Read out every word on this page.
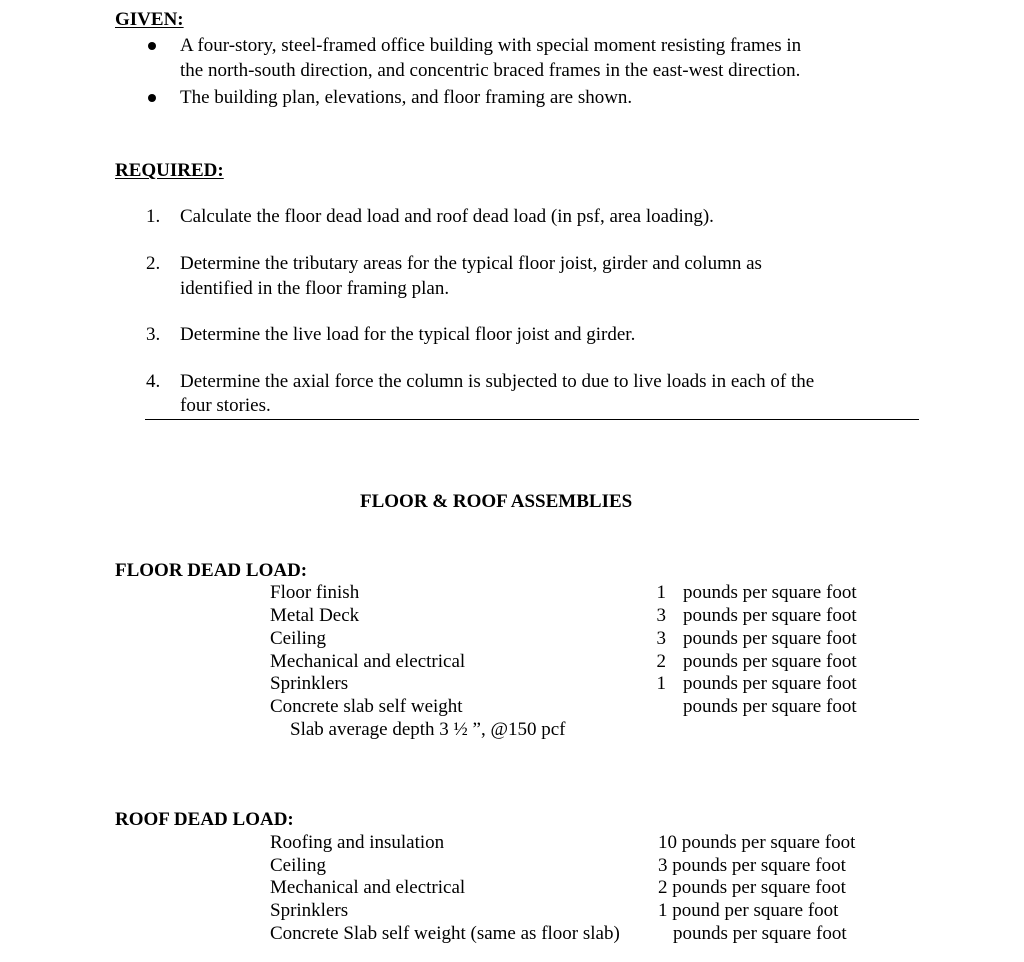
GIVEN:
A four-story, steel-framed office building with special moment resisting frames in
the north-south direction, and concentric braced frames in the east-west direction.
The building plan, elevations, and floor framing are shown.
REQUIRED:
1. Calculate the floor dead load and roof dead load (in psf, area loading).
2. Determine the tributary areas for the typical floor joist, girder and column as
identified in the floor framing plan.
3. Determine the live load for the typical floor joist and girder.
4. Determine the axial force the column is subjected to due to live loads in each of the
four stories.
FLOOR & ROOF ASSEMBLIES
FLOOR DEAD LOAD:
Floor finish	1 pounds per square foot
Metal Deck	3 pounds per square foot
Ceiling	3 pounds per square foot
Mechanical and electrical	2 pounds per square foot
Sprinklers	1 pounds per square foot
Concrete slab self weight	pounds per square foot
Slab average depth 3 ½ ”, @150 pcf
ROOF DEAD LOAD:
Roofing and insulation	10 pounds per square foot
Ceiling	3 pounds per square foot
Mechanical and electrical	2 pounds per square foot
Sprinklers	1 pound per square foot
Concrete Slab self weight (same as floor slab)	pounds per square foot
